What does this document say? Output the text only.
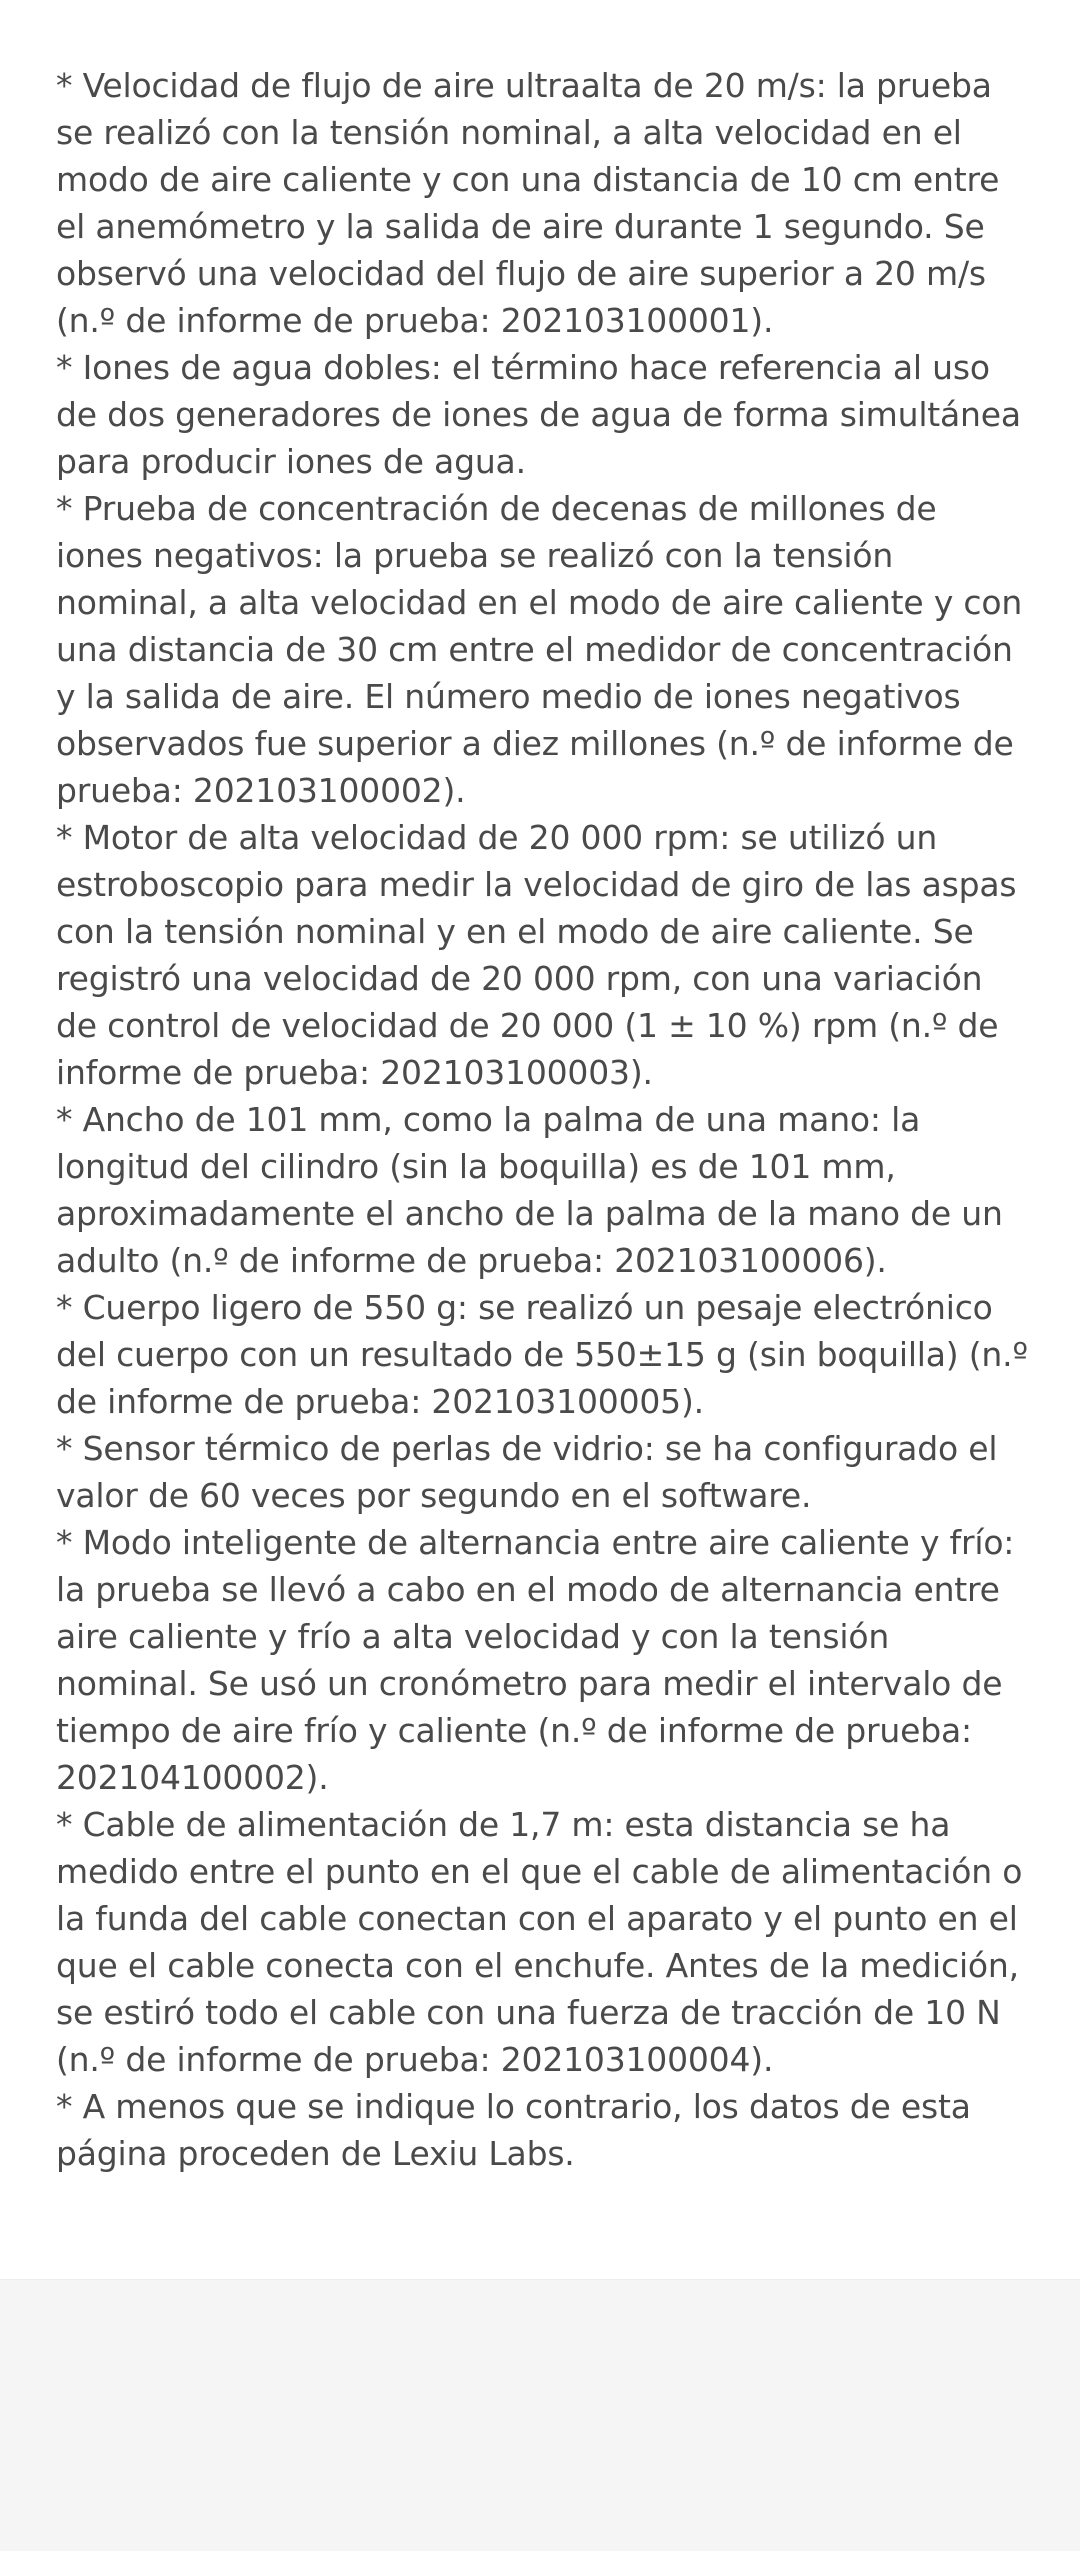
* Velocidad de flujo de aire ultraalta de 20 m/s: la prueba se realizó con la tensión nominal, a alta velocidad en el modo de aire caliente y con una distancia de 10 cm entre el anemómetro y la salida de aire durante 1 segundo. Se observó una velocidad del flujo de aire superior a 20 m/s (n.º de informe de prueba: 202103100001).

* Iones de agua dobles: el término hace referencia al uso de dos generadores de iones de agua de forma simultánea para producir iones de agua.

* Prueba de concentración de decenas de millones de iones negativos: la prueba se realizó con la tensión nominal, a alta velocidad en el modo de aire caliente y con una distancia de 30 cm entre el medidor de concentración y la salida de aire. El número medio de iones negativos observados fue superior a diez millones (n.º de informe de prueba: 202103100002).

* Motor de alta velocidad de 20 000 rpm: se utilizó un estroboscopio para medir la velocidad de giro de las aspas con la tensión nominal y en el modo de aire caliente. Se registró una velocidad de 20 000 rpm, con una variación de control de velocidad de 20 000 (1 ± 10 %) rpm (n.º de informe de prueba: 202103100003).

* Ancho de 101 mm, como la palma de una mano: la longitud del cilindro (sin la boquilla) es de 101 mm, aproximadamente el ancho de la palma de la mano de un adulto (n.º de informe de prueba: 202103100006).

* Cuerpo ligero de 550 g: se realizó un pesaje electrónico del cuerpo con un resultado de 550±15 g (sin boquilla) (n.º de informe de prueba: 202103100005).

* Sensor térmico de perlas de vidrio: se ha configurado el valor de 60 veces por segundo en el software.

* Modo inteligente de alternancia entre aire caliente y frío: la prueba se llevó a cabo en el modo de alternancia entre aire caliente y frío a alta velocidad y con la tensión nominal. Se usó un cronómetro para medir el intervalo de tiempo de aire frío y caliente (n.º de informe de prueba: 202104100002).

* Cable de alimentación de 1,7 m: esta distancia se ha medido entre el punto en el que el cable de alimentación o la funda del cable conectan con el aparato y el punto en el que el cable conecta con el enchufe. Antes de la medición, se estiró todo el cable con una fuerza de tracción de 10 N (n.º de informe de prueba: 202103100004).

* A menos que se indique lo contrario, los datos de esta página proceden de Lexiu Labs.
